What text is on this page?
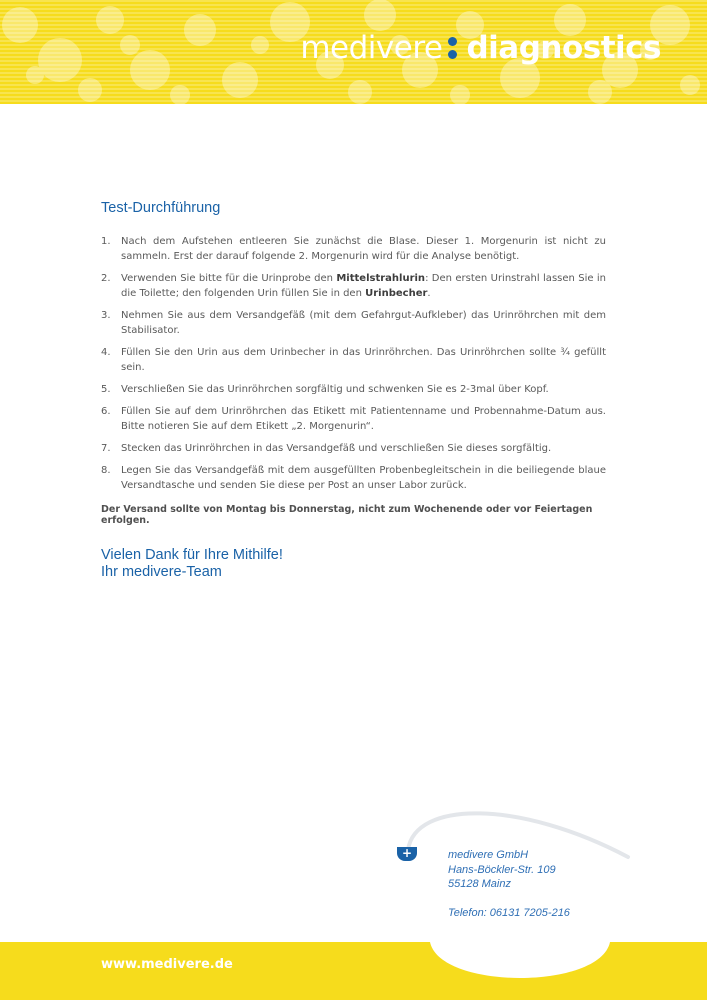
medivere diagnostics
Test-Durchführung
1. Nach dem Aufstehen entleeren Sie zunächst die Blase. Dieser 1. Morgenurin ist nicht zu sammeln. Erst der darauf folgende 2. Morgenurin wird für die Analyse benötigt.
2. Verwenden Sie bitte für die Urinprobe den Mittelstrahlurin: Den ersten Urinstrahl lassen Sie in die Toilette; den folgenden Urin füllen Sie in den Urinbecher.
3. Nehmen Sie aus dem Versandgefäß (mit dem Gefahrgut-Aufkleber) das Urinröhrchen mit dem Stabilisator.
4. Füllen Sie den Urin aus dem Urinbecher in das Urinröhrchen. Das Urinröhrchen sollte ¾ gefüllt sein.
5. Verschließen Sie das Urinröhrchen sorgfältig und schwenken Sie es 2-3mal über Kopf.
6. Füllen Sie auf dem Urinröhrchen das Etikett mit Patientenname und Probennahme-Datum aus. Bitte notieren Sie auf dem Etikett „2. Morgenurin“.
7. Stecken das Urinröhrchen in das Versandgefäß und verschließen Sie dieses sorgfältig.
8. Legen Sie das Versandgefäß mit dem ausgefüllten Probenbegleitschein in die beiliegende blaue Versandtasche und senden Sie diese per Post an unser Labor zurück.
Der Versand sollte von Montag bis Donnerstag, nicht zum Wochenende oder vor Feiertagen erfolgen.
Vielen Dank für Ihre Mithilfe!
Ihr medivere-Team
+	medivere GmbH
Hans-Böckler-Str. 109
55128 Mainz
Telefon: 06131 7205-216
www.medivere.de
